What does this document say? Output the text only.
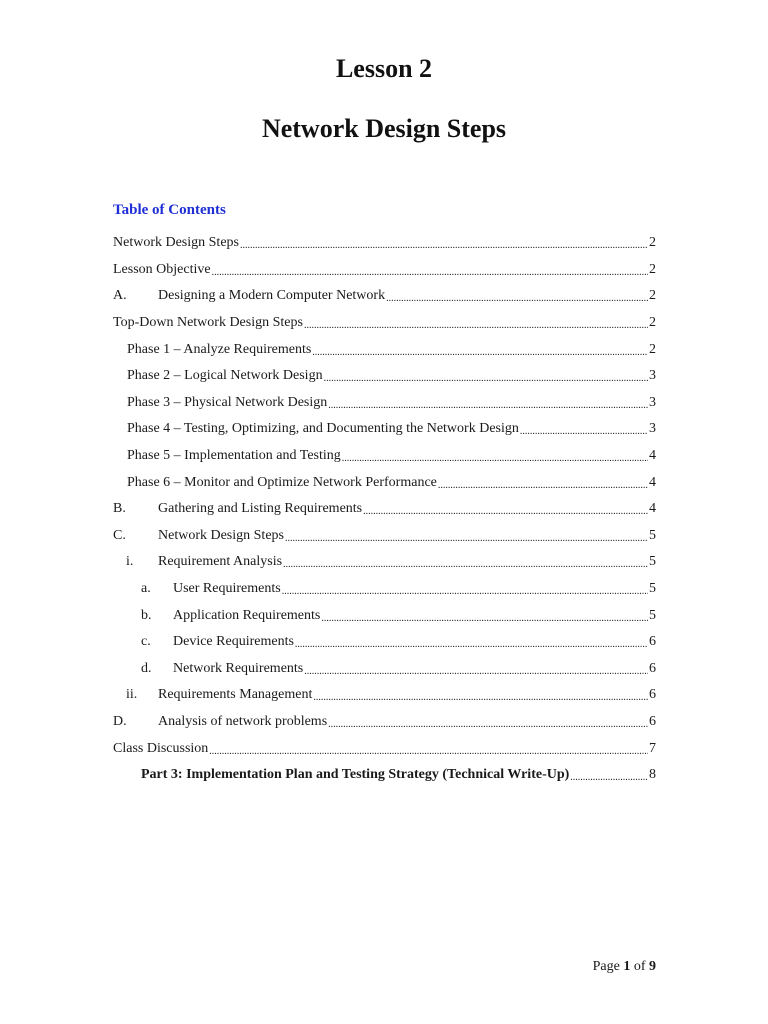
Lesson 2
Network Design Steps
Table of Contents
Network Design Steps .....	2
Lesson Objective .....	2
A.	Designing a Modern Computer Network .....	2
Top-Down Network Design Steps .....	2
Phase 1 – Analyze Requirements .....	2
Phase 2 – Logical Network Design .....	3
Phase 3 – Physical Network Design .....	3
Phase 4 – Testing, Optimizing, and Documenting the Network Design .....	3
Phase 5 – Implementation and Testing .....	4
Phase 6 – Monitor and Optimize Network Performance .....	4
B.	Gathering and Listing Requirements .....	4
C.	Network Design Steps .....	5
i.	Requirement Analysis .....	5
a.	User Requirements .....	5
b.	Application Requirements .....	5
c.	Device Requirements .....	6
d.	Network Requirements .....	6
ii.	Requirements Management .....	6
D.	Analysis of network problems .....	6
Class Discussion .....	7
Part 3: Implementation Plan and Testing Strategy (Technical Write-Up) .....	8
Page 1 of 9
